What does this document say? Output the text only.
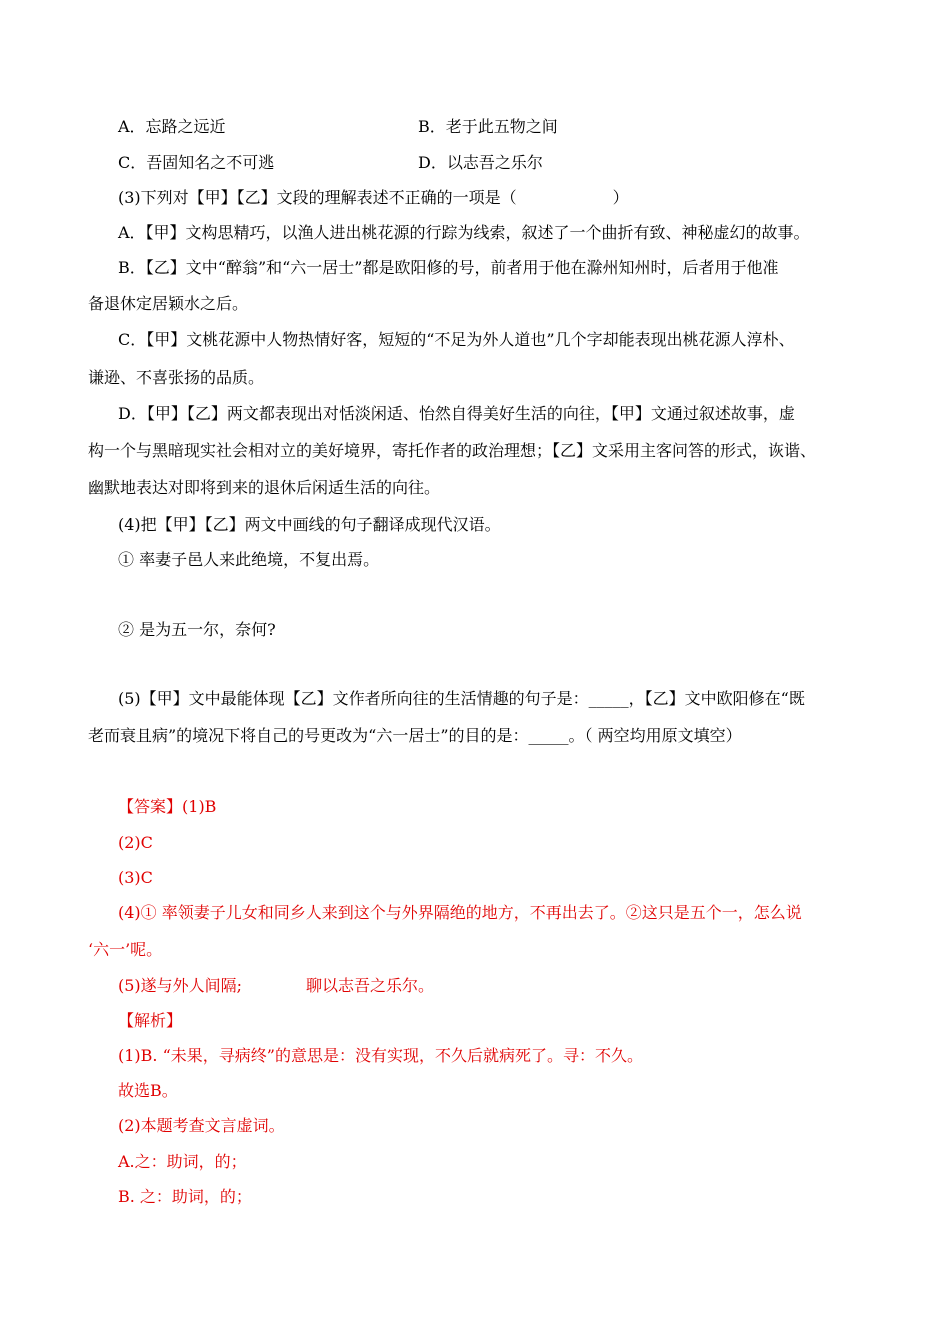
A．忘路之远近	B．老于此五物之间
C．吾固知名之不可逃	D．以志吾之乐尔
(3)下列对【甲】【乙】文段的理解表述不正确的一项是（　　　　　　）
A．【甲】文构思精巧，以渔人进出桃花源的行踪为线索，叙述了一个曲折有致、神秘虚幻的故事。
B．【乙】文中“醉翁”和“六一居士”都是欧阳修的号，前者用于他在滁州知州时，后者用于他准
备退休定居颖水之后。
C．【甲】文桃花源中人物热情好客，短短的“不足为外人道也”几个字却能表现出桃花源人淳朴、
谦逊、不喜张扬的品质。
D．【甲】【乙】两文都表现出对恬淡闲适、怡然自得美好生活的向往，【甲】文通过叙述故事，虚
构一个与黑暗现实社会相对立的美好境界，寄托作者的政治理想；【乙】文采用主客问答的形式，诙谐、
幽默地表达对即将到来的退休后闲适生活的向往。
(4)把【甲】【乙】两文中画线的句子翻译成现代汉语。
① 率妻子邑人来此绝境，不复出焉。
② 是为五一尔，奈何?
(5)【甲】文中最能体现【乙】文作者所向往的生活情趣的句子是：_____，【乙】文中欧阳修在“既
老而衰且病”的境况下将自己的号更改为“六一居士”的目的是：_____。（ 两空均用原文填空）
【答案】(1)B
(2)C
(3)C
(4)① 率领妻子儿女和同乡人来到这个与外界隔绝的地方，不再出去了。②这只是五个一，怎么说
‘六一’呢。
(5)遂与外人间隔;　　　　聊以志吾之乐尔。
【解析】
(1)B. “未果，寻病终”的意思是：没有实现，不久后就病死了。寻：不久。
故选B。
(2)本题考查文言虚词。
A.之：助词，的；
B. 之：助词，的；
